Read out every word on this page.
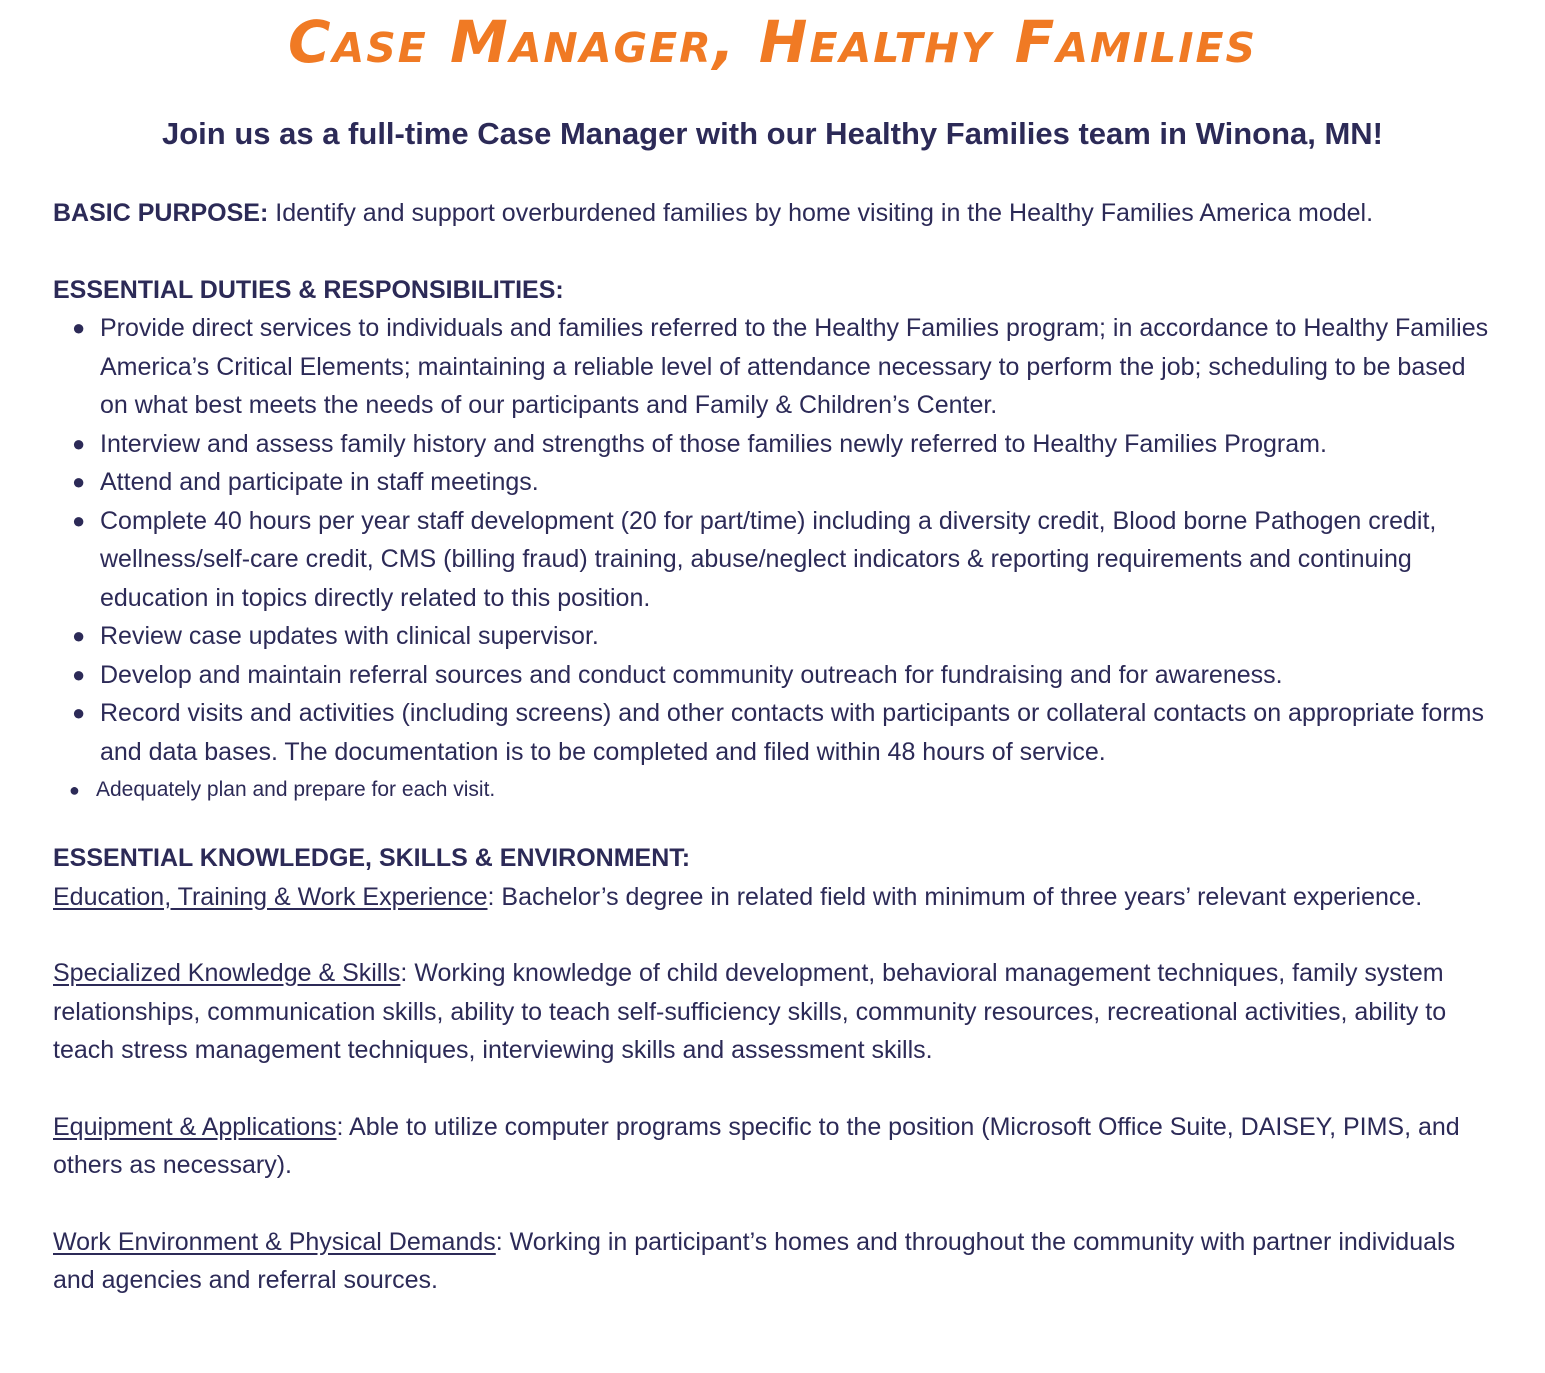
Case Manager, Healthy Families
Join us as a full-time Case Manager with our Healthy Families team in Winona, MN!

BASIC PURPOSE: Identify and support overburdened families by home visiting in the Healthy Families America model.

ESSENTIAL DUTIES & RESPONSIBILITIES:

● Provide direct services to individuals and families referred to the Healthy Families program; in accordance to Healthy Families America’s Critical Elements; maintaining a reliable level of attendance necessary to perform the job; scheduling to be based on what best meets the needs of our participants and Family & Children’s Center.
● Interview and assess family history and strengths of those families newly referred to Healthy Families Program.
● Attend and participate in staff meetings.
● Complete 40 hours per year staff development (20 for part/time) including a diversity credit, Blood borne Pathogen credit, wellness/self-care credit, CMS (billing fraud) training, abuse/neglect indicators & reporting requirements and continuing education in topics directly related to this position.
● Review case updates with clinical supervisor.
● Develop and maintain referral sources and conduct community outreach for fundraising and for awareness.
● Record visits and activities (including screens) and other contacts with participants or collateral contacts on appropriate forms and data bases. The documentation is to be completed and filed within 48 hours of service.
● Adequately plan and prepare for each visit.

ESSENTIAL KNOWLEDGE, SKILLS & ENVIRONMENT:

Education, Training & Work Experience: Bachelor’s degree in related field with minimum of three years’ relevant experience.

Specialized Knowledge & Skills: Working knowledge of child development, behavioral management techniques, family system relationships, communication skills, ability to teach self-sufficiency skills, community resources, recreational activities, ability to teach stress management techniques, interviewing skills and assessment skills.

Equipment & Applications: Able to utilize computer programs specific to the position (Microsoft Office Suite, DAISEY, PIMS, and others as necessary).

Work Environment & Physical Demands: Working in participant’s homes and throughout the community with partner individuals and agencies and referral sources.
